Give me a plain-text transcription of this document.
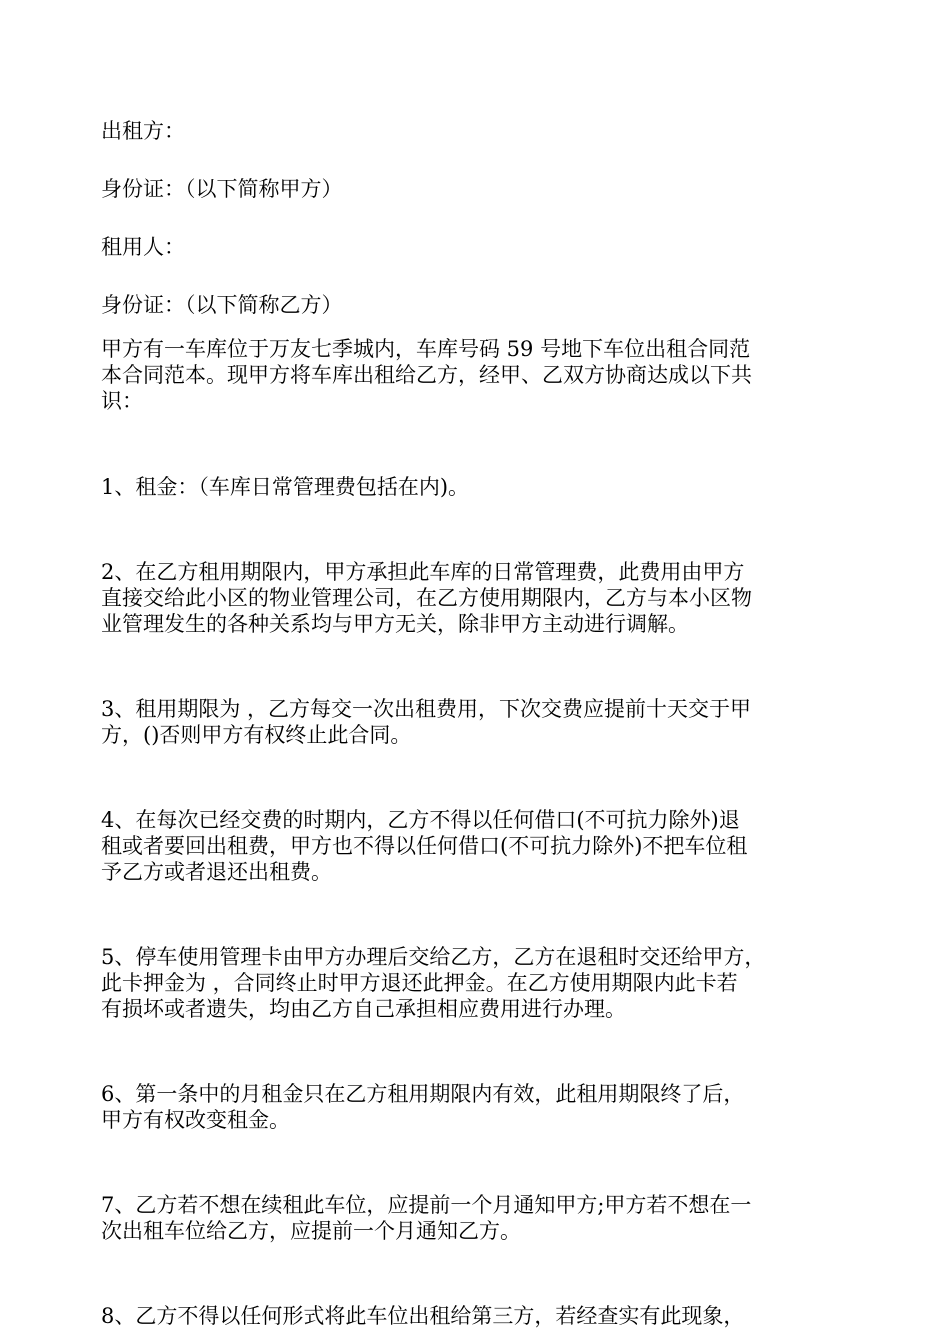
出租方：

身份证：（以下简称甲方）

租用人：

身份证：（以下简称乙方）

甲方有一车库位于万友七季城内，车库号码 59 号地下车位出租合同范
本合同范本。现甲方将车库出租给乙方，经甲、乙双方协商达成以下共
识：
1、租金：（车库日常管理费包括在内)。
2、在乙方租用期限内，甲方承担此车库的日常管理费，此费用由甲方
直接交给此小区的物业管理公司，在乙方使用期限内，乙方与本小区物
业管理发生的各种关系均与甲方无关，除非甲方主动进行调解。
3、租用期限为 ，乙方每交一次出租费用，下次交费应提前十天交于甲
方，()否则甲方有权终止此合同。
4、在每次已经交费的时期内，乙方不得以任何借口(不可抗力除外)退
租或者要回出租费，甲方也不得以任何借口(不可抗力除外)不把车位租
予乙方或者退还出租费。
5、停车使用管理卡由甲方办理后交给乙方，乙方在退租时交还给甲方，
此卡押金为 ，合同终止时甲方退还此押金。在乙方使用期限内此卡若
有损坏或者遗失，均由乙方自己承担相应费用进行办理。
6、第一条中的月租金只在乙方租用期限内有效，此租用期限终了后，
甲方有权改变租金。
7、乙方若不想在续租此车位，应提前一个月通知甲方;甲方若不想在一
次出租车位给乙方，应提前一个月通知乙方。
8、乙方不得以任何形式将此车位出租给第三方，若经查实有此现象，
